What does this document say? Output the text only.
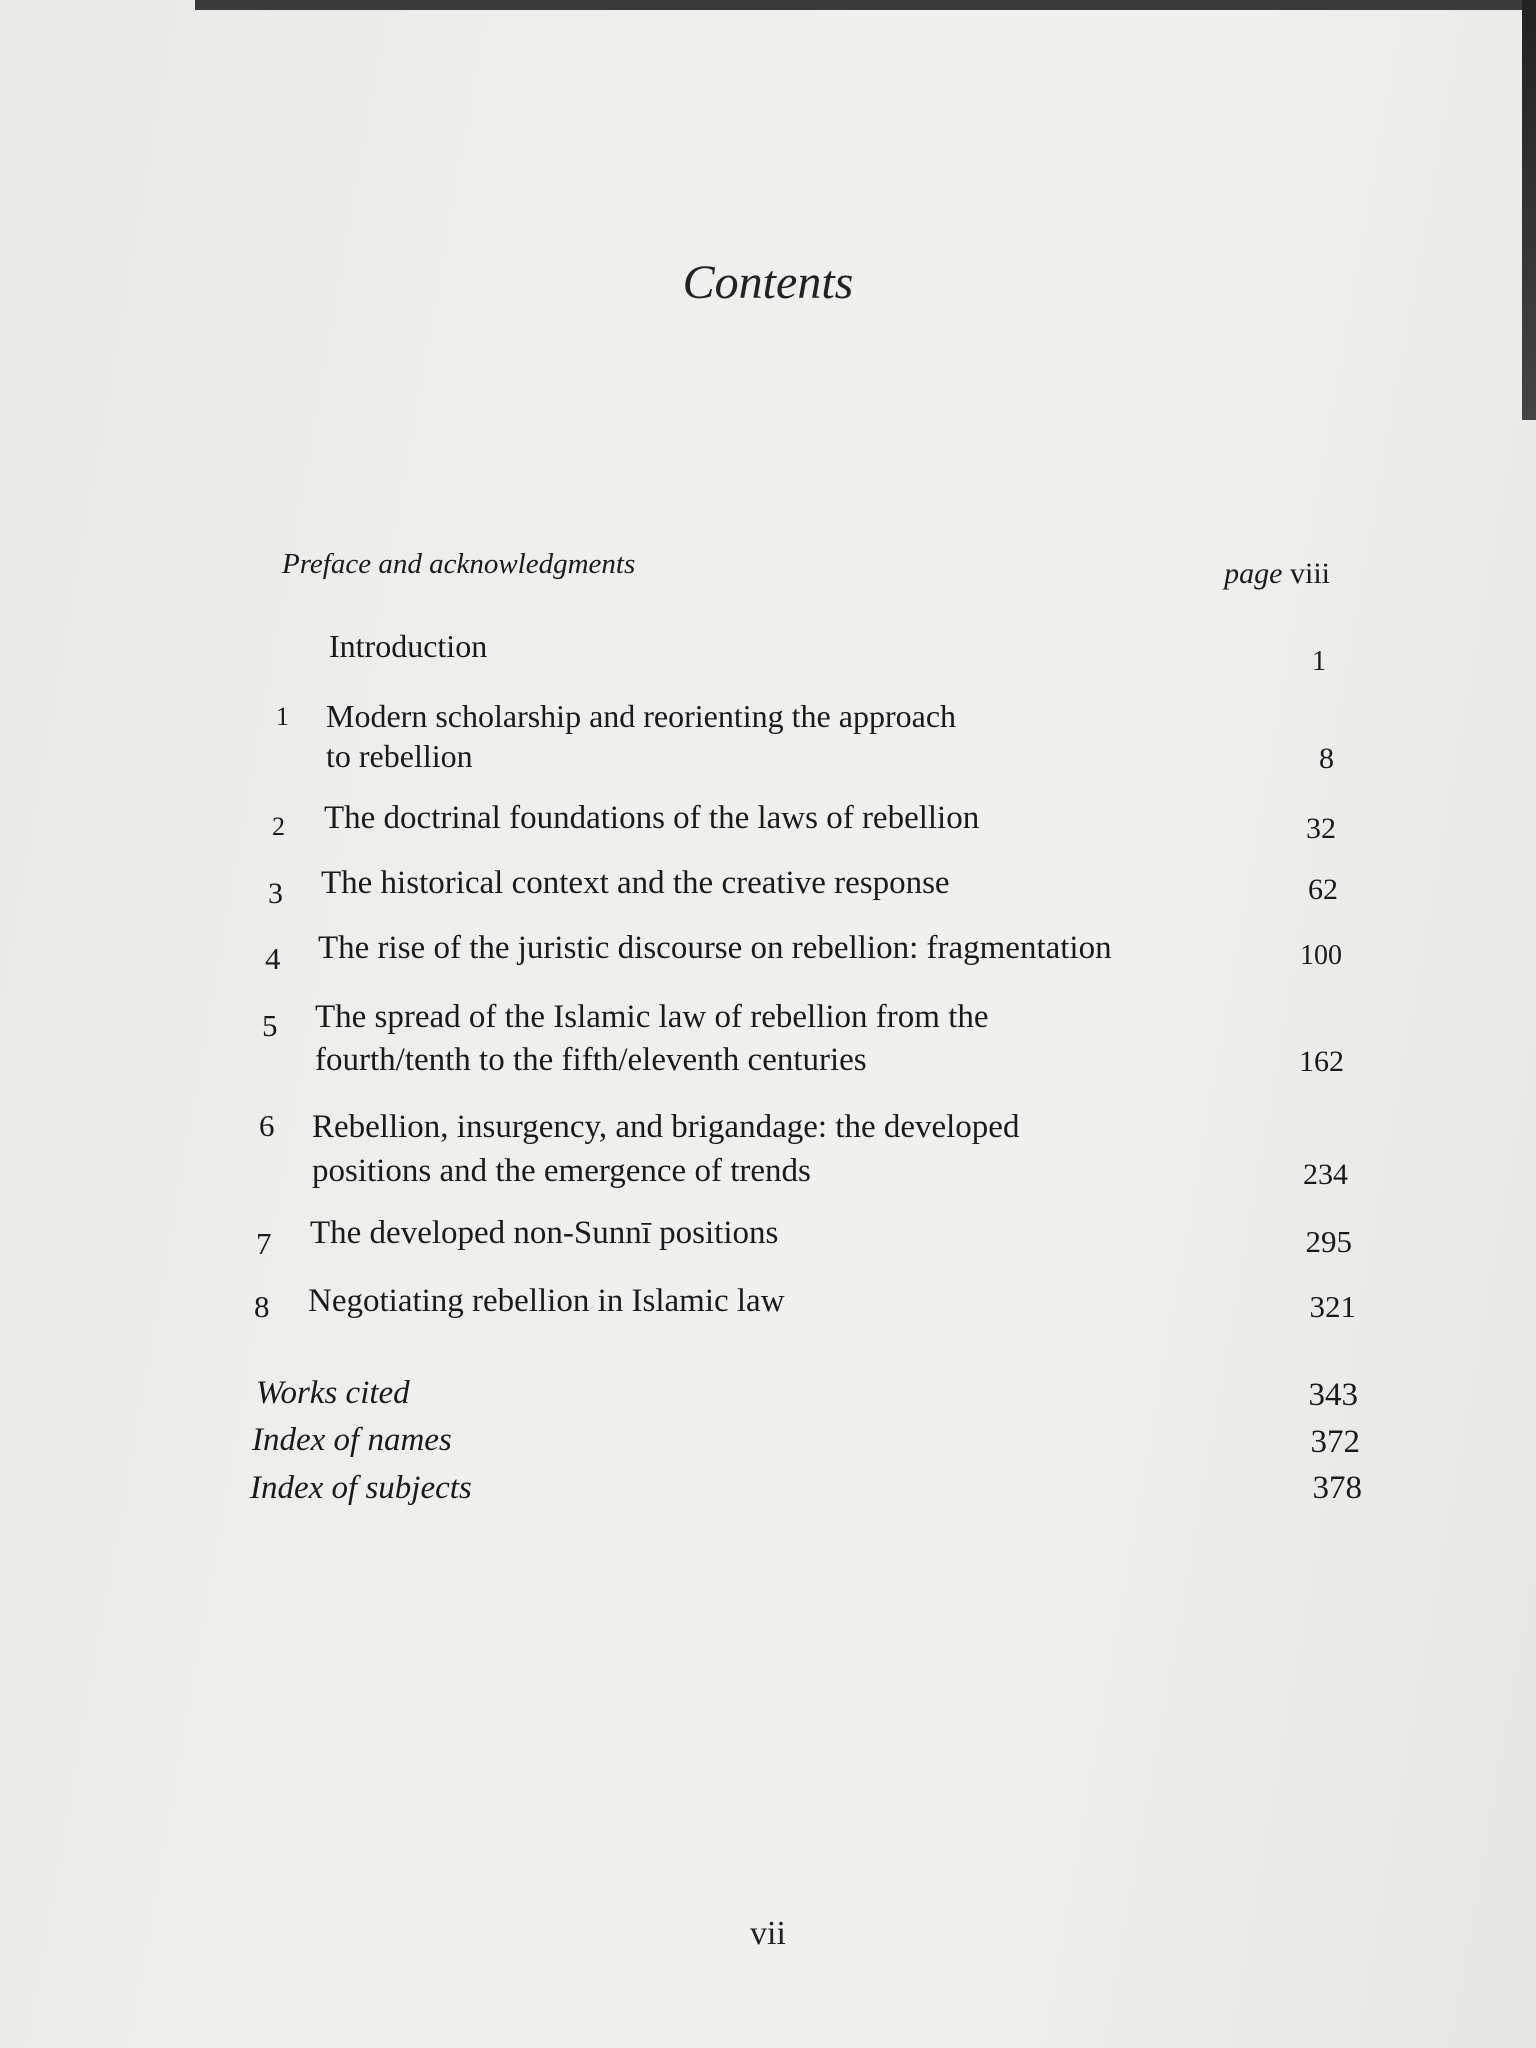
Contents
Preface and acknowledgments	page viii
Introduction	1
1 Modern scholarship and reorienting the approach
to rebellion	8
2 The doctrinal foundations of the laws of rebellion	32
3 The historical context and the creative response	62
4 The rise of the juristic discourse on rebellion: fragmentation	100
5 The spread of the Islamic law of rebellion from the
fourth/tenth to the fifth/eleventh centuries	162
6 Rebellion, insurgency, and brigandage: the developed
positions and the emergence of trends	234
7 The developed non-Sunnī positions	295
8 Negotiating rebellion in Islamic law	321
Works cited	343
Index of names	372
Index of subjects	378
vii
